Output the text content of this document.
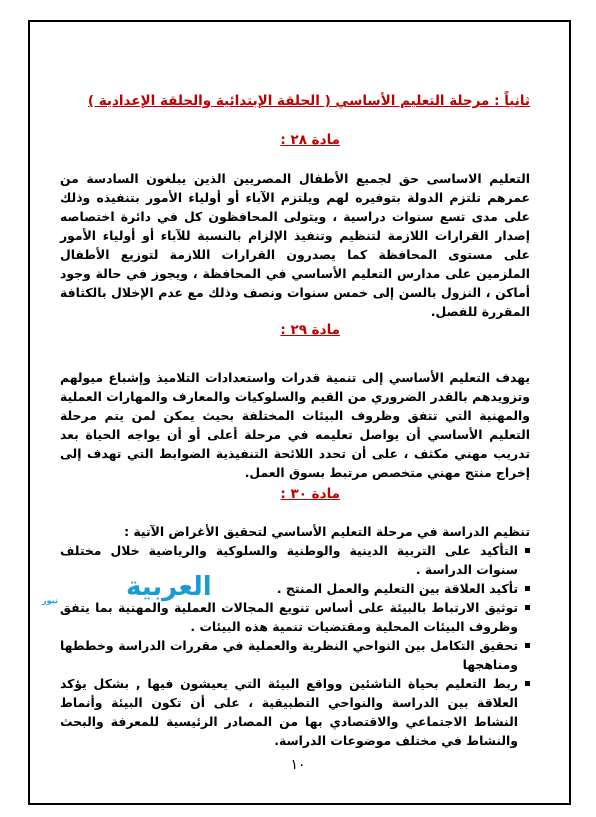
ثانياً : مرحلة التعليم الأساسي ( الحلقة الإبتدائية والحلقة الإعدادية )
مادة ٢٨ :

التعليم الاساسى حق لجميع الأطفال المصريين الذين يبلغون السادسة من عمرهم تلتزم الدولة بتوفيره لهم ويلتزم الآباء أو أولياء الأمور بتنفيذه وذلك على مدى تسع سنوات دراسية ، ويتولى المحافظون كل في دائرة اختصاصه إصدار القرارات اللازمة لتنظيم وتنفيذ الإلزام بالنسبة للآباء أو أولياء الأمور على مستوى المحافظة كما يصدرون القرارات اللازمة لتوزيع الأطفال الملزمين على مدارس التعليم الأساسي في المحافظة ، ويجوز في حالة وجود أماكن ، النزول بالسن إلى خمس سنوات ونصف وذلك مع عدم الإخلال بالكثافة المقررة للفصل.

مادة ٢٩ :

يهدف التعليم الأساسي إلى تنمية قدرات واستعدادات التلاميذ وإشباع ميولهم وتزويدهم بالقدر الضروري من القيم والسلوكيات والمعارف والمهارات العملية والمهنية التي تتفق وظروف البيئات المختلفة بحيث يمكن لمن يتم مرحلة التعليم الأساسي أن يواصل تعليمه في مرحلة أعلى أو أن يواجه الحياة بعد تدريب مهني مكثف ، على أن تحدد اللائحة التنفيذية الضوابط التي تهدف إلى إخراج منتج مهني متخصص مرتبط بسوق العمل.

مادة ٣٠ :

تنظيم الدراسة في مرحلة التعليم الأساسي لتحقيق الأغراض الآتية :

التأكيد على التربية الدينية والوطنية والسلوكية والرياضية خلال مختلف سنوات الدراسة .
تأكيد العلاقة بين التعليم والعمل المنتج .
توثيق الارتباط بالبيئة على أساس تنويع المجالات العملية والمهنية بما يتفق وظروف البيئات المحلية ومقتضيات تنمية هذه البيئات .
تحقيق التكامل بين النواحي النظرية والعملية في مقررات الدراسة وخططها ومناهجها
ربط التعليم بحياة الناشئين وواقع البيئة التي يعيشون فيها , بشكل يؤكد العلاقة بين الدراسة والنواحي التطبيقية ، على أن تكون البيئة وأنماط النشاط الاجتماعي والاقتصادي بها من المصادر الرئيسية للمعرفة والبحث والنشاط في مختلف موضوعات الدراسة.
١٠
العربية
نيوز
